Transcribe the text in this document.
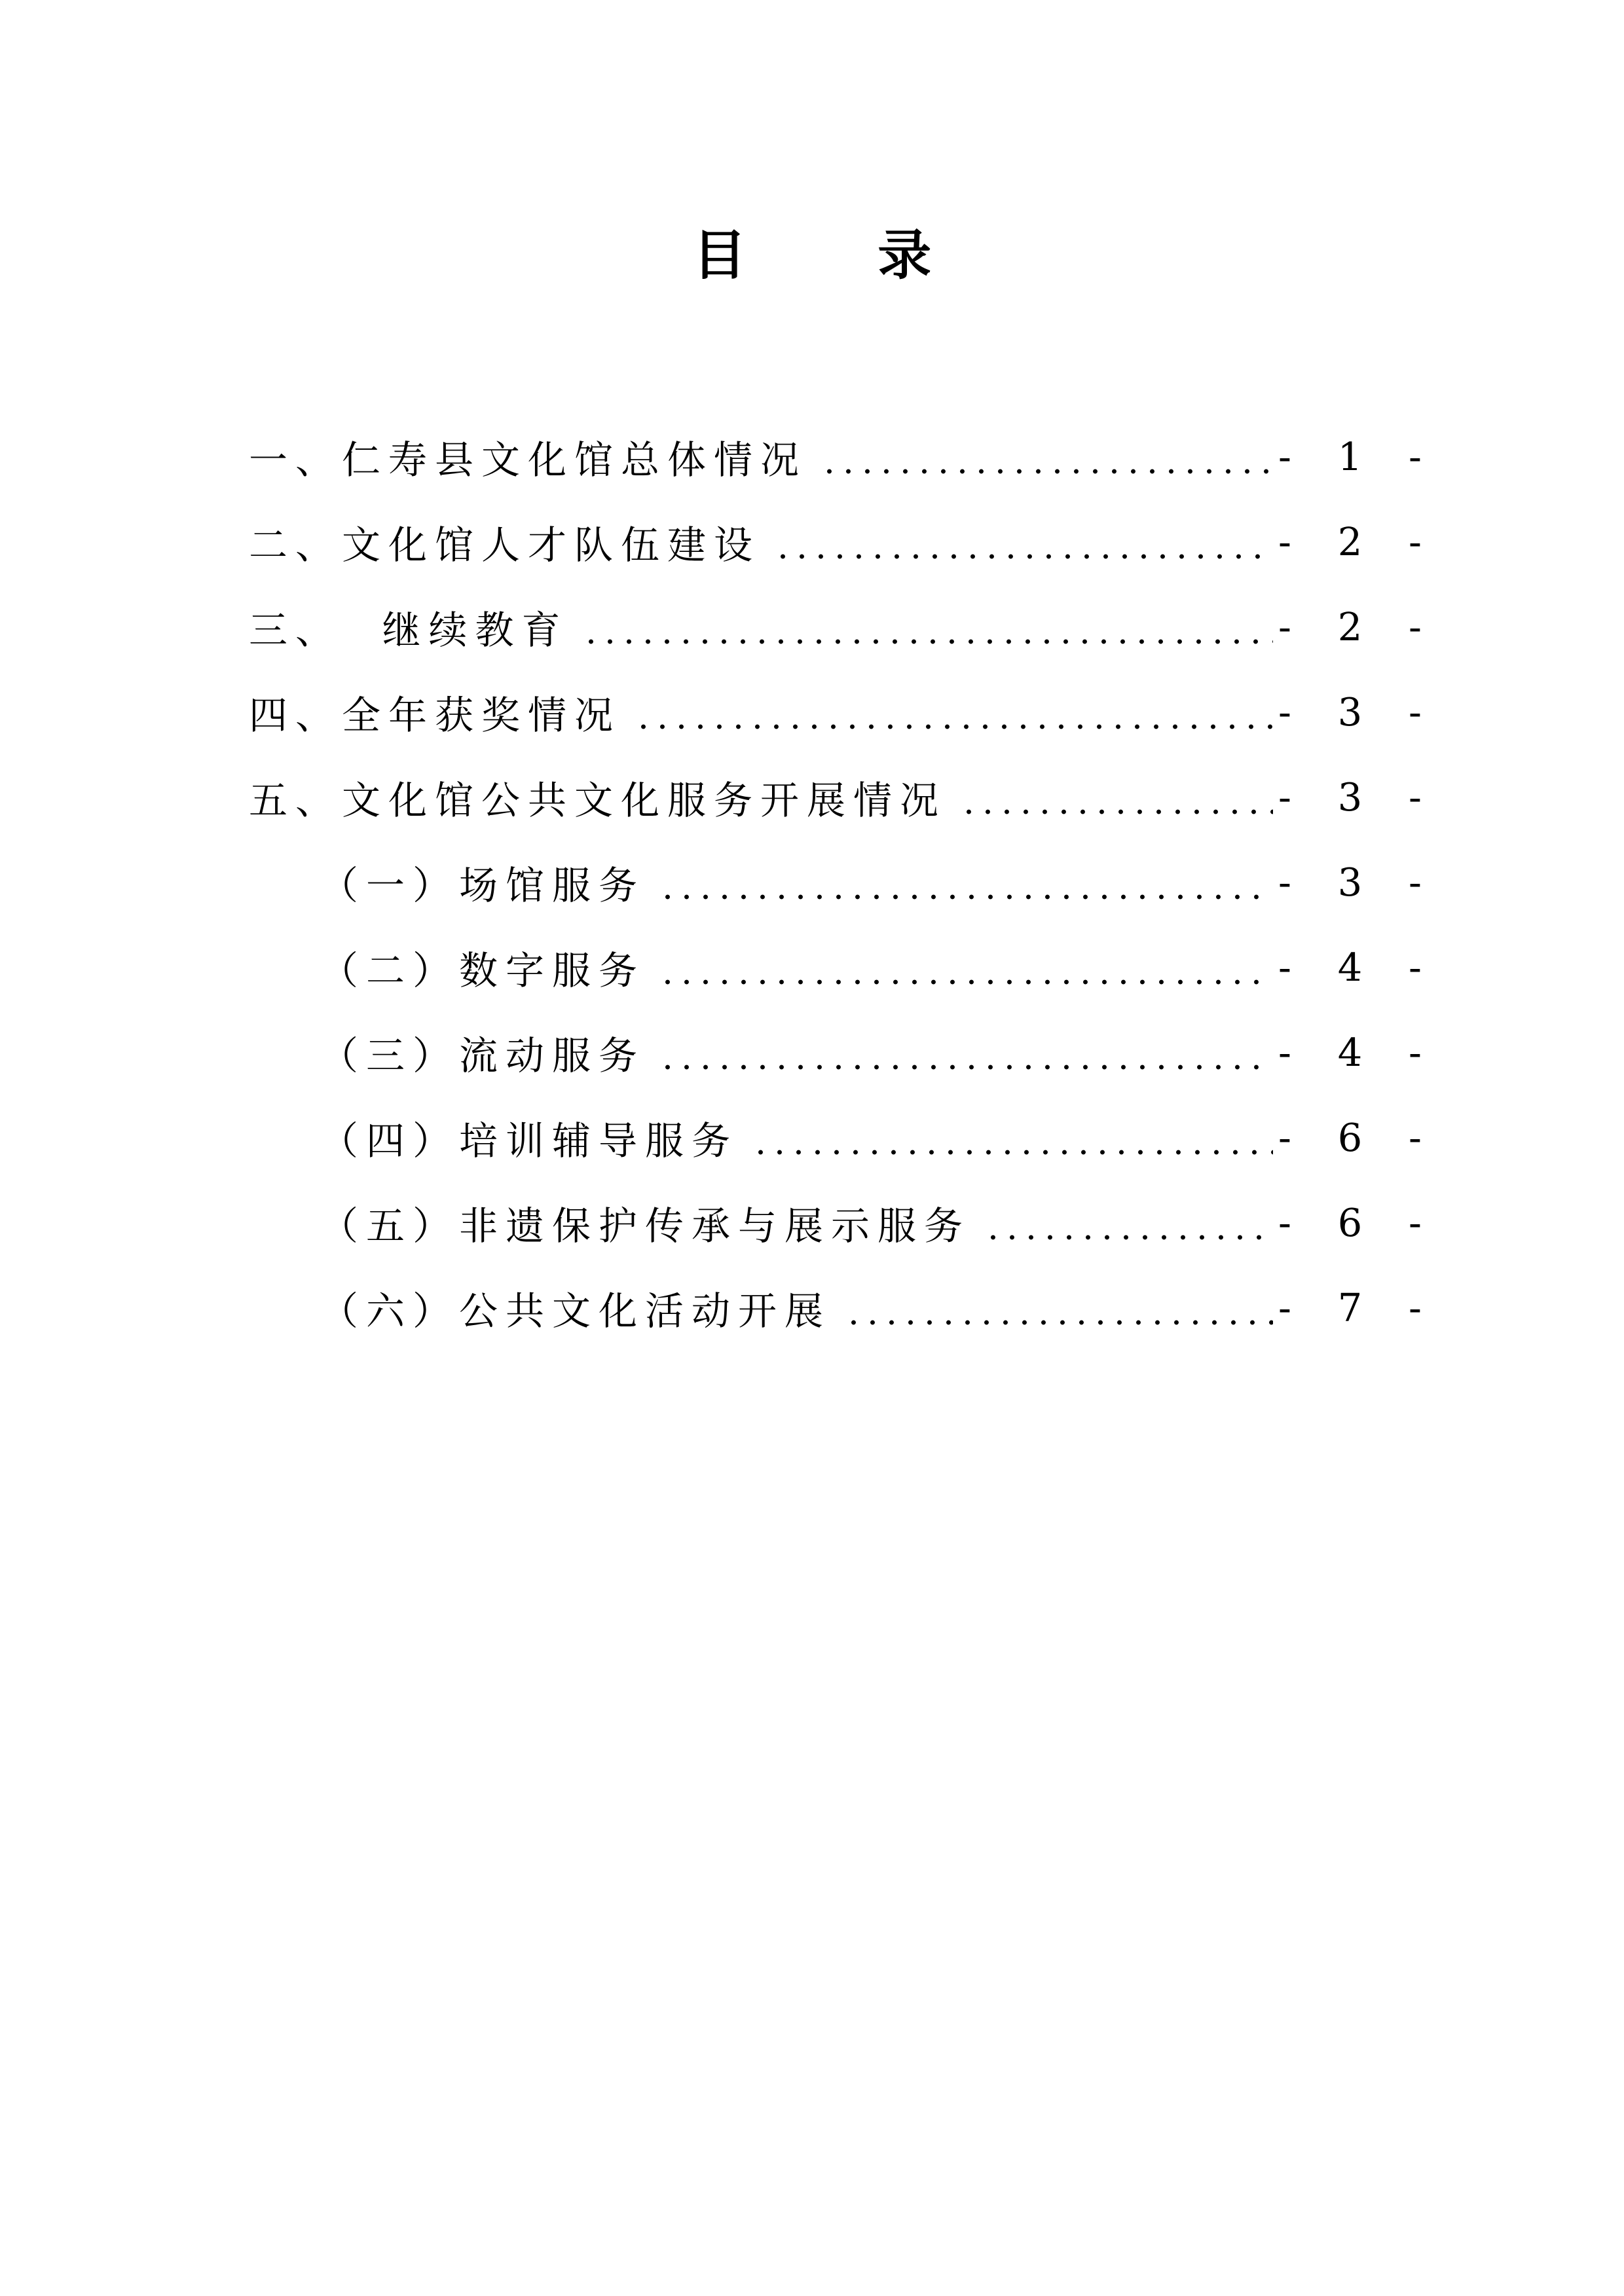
目 录
一、仁寿县文化馆总体情况	- 1 -
二、文化馆人才队伍建设	- 2 -
三、  继续教育	- 2 -
四、全年获奖情况	- 3 -
五、文化馆公共文化服务开展情况	- 3 -
（一）场馆服务	- 3 -
（二）数字服务	- 4 -
（三）流动服务	- 4 -
（四）培训辅导服务	- 6 -
（五）非遗保护传承与展示服务	- 6 -
（六）公共文化活动开展	- 7 -
